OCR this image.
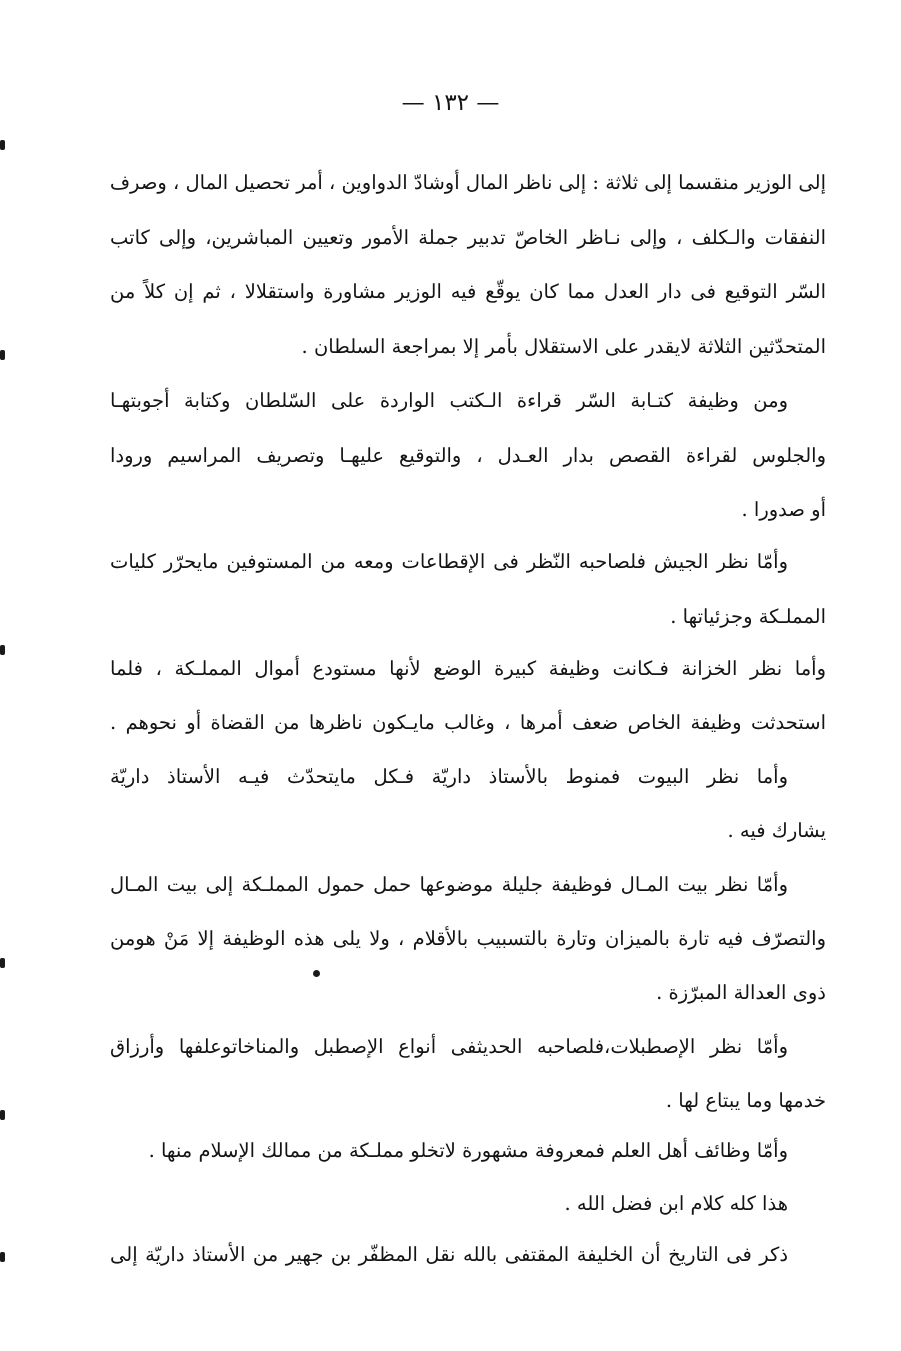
— ١٣٢ —
إلى الوزير منقسما إلى ثلاثة : إلى ناظر المال أوشادّ الدواوين ، أمر تحصيل المال ، وصرف
النفقات والـكلف ، وإلى نـاظر الخاصّ تدبير جملة الأمور وتعيين المباشرين، وإلى كاتب
السّر التوقيع فى دار العدل مما كان يوقّع فيه الوزير مشاورة واستقلالا ، ثم إن كلاً من
المتحدّثين الثلاثة لايقدر على الاستقلال بأمر إلا بمراجعة السلطان .
ومن وظيفة كتـابة السّر قراءة الـكتب الواردة على السّلطان وكتابة أجوبتهـا
والجلوس لقراءة القصص بدار العـدل ، والتوقيع عليهـا وتصريف المراسيم ورودا
أو صدورا .
وأمّا نظر الجيش فلصاحبه النّظر فى الإقطاعات ومعه من المستوفين مايحرّر كليات
المملـكة وجزئياتها .
وأما نظر الخزانة فـكانت وظيفة كبيرة الوضع لأنها مستودع أموال المملـكة ، فلما
استحدثت وظيفة الخاص ضعف أمرها ، وغالب مايـكون ناظرها من القضاة أو نحوهم .
وأما نظر البيوت فمنوط بالأستاذ داريّة فـكل مايتحدّث فيـه الأستاذ داريّة
يشارك فيه .
وأمّا نظر بيت المـال فوظيفة جليلة موضوعها حمل حمول المملـكة إلى بيت المـال
والتصرّف فيه تارة بالميزان وتارة بالتسبيب بالأقلام ، ولا يلى هذه الوظيفة إلا مَنْ هومن
ذوى العدالة المبرّزة .
وأمّا نظر الإصطبلات،فلصاحبه الحديثفى أنواع الإصطبل والمناخاتوعلفها وأرزاق
خدمها وما يبتاع لها .
وأمّا وظائف أهل العلم فمعروفة مشهورة لاتخلو مملـكة من ممالك الإسلام منها .
هذا كله كلام ابن فضل الله .
ذكر فى التاريخ أن الخليفة المقتفى بالله نقل المظفّر بن جهير من الأستاذ داريّة إلى
